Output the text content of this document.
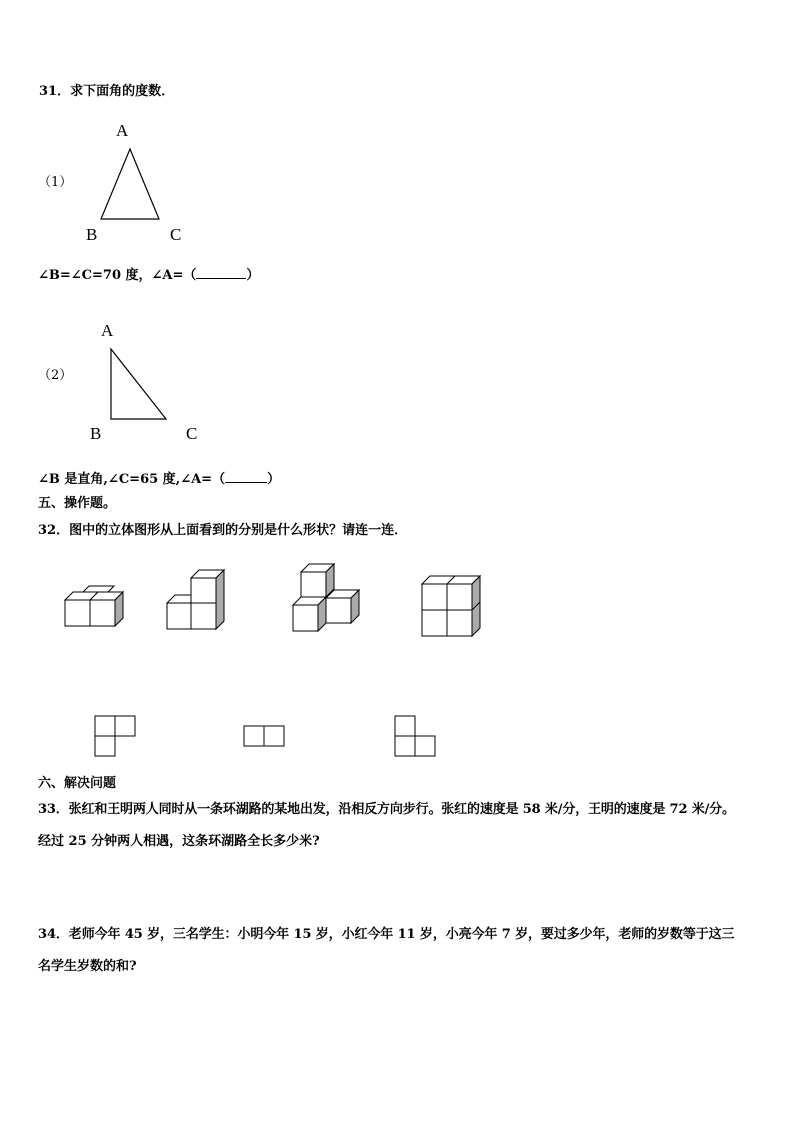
31．求下面角的度数．
（1）
A
B	C
∠B=∠C=70 度，∠A=（	）
（2）
A
B	C
∠B 是直角,∠C=65 度,∠A=（	）
五、操作题。
32．图中的立体图形从上面看到的分别是什么形状？请连一连．
六、解决问题
33．张红和王明两人同时从一条环湖路的某地出发，沿相反方向步行。张红的速度是 58 米/分，王明的速度是 72 米/分。
经过 25 分钟两人相遇，这条环湖路全长多少米?
34．老师今年 45 岁，三名学生：小明今年 15 岁，小红今年 11 岁，小亮今年 7 岁，要过多少年，老师的岁数等于这三
名学生岁数的和?
